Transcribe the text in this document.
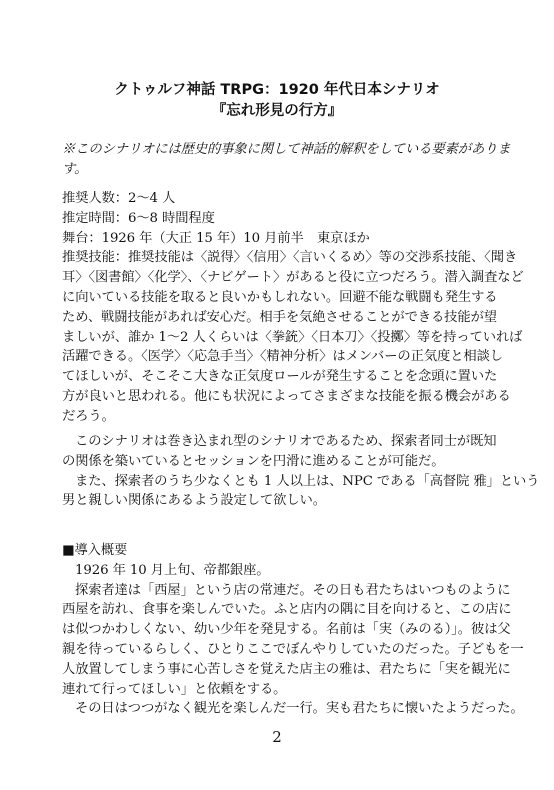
クトゥルフ神話 TRPG：1920 年代日本シナリオ
『忘れ形見の行方』
※このシナリオには歴史的事象に関して神話的解釈をしている要素がありま
す。
推奨人数：2〜4 人
推定時間：6〜8 時間程度
舞台：1926 年（大正 15 年）10 月前半　東京ほか
推奨技能：推奨技能は〈説得〉〈信用〉〈言いくるめ〉等の交渉系技能、〈聞き
耳〉〈図書館〉〈化学〉、〈ナビゲート〉があると役に立つだろう。潜入調査など
に向いている技能を取ると良いかもしれない。回避不能な戦闘も発生する
ため、戦闘技能があれば安心だ。相手を気絶させることができる技能が望
ましいが、誰か 1〜2 人くらいは〈拳銃〉〈日本刀〉〈投擲〉等を持っていれば
活躍できる。〈医学〉〈応急手当〉〈精神分析〉はメンバーの正気度と相談し
てほしいが、そこそこ大きな正気度ロールが発生することを念頭に置いた
方が良いと思われる。他にも状況によってさまざまな技能を振る機会がある
だろう。
このシナリオは巻き込まれ型のシナリオであるため、探索者同士が既知
の関係を築いているとセッションを円滑に進めることが可能だ。
また、探索者のうち少なくとも 1 人以上は、NPC である「高督院 雅」という
男と親しい関係にあるよう設定して欲しい。
■導入概要
1926 年 10 月上旬、帝都銀座。
探索者達は「西屋」という店の常連だ。その日も君たちはいつものように
西屋を訪れ、食事を楽しんでいた。ふと店内の隅に目を向けると、この店に
は似つかわしくない、幼い少年を発見する。名前は「実（みのる）」。彼は父
親を待っているらしく、ひとりここでぼんやりしていたのだった。子どもを一
人放置してしまう事に心苦しさを覚えた店主の雅は、君たちに「実を観光に
連れて行ってほしい」と依頼をする。
その日はつつがなく観光を楽しんだ一行。実も君たちに懐いたようだった。

2
